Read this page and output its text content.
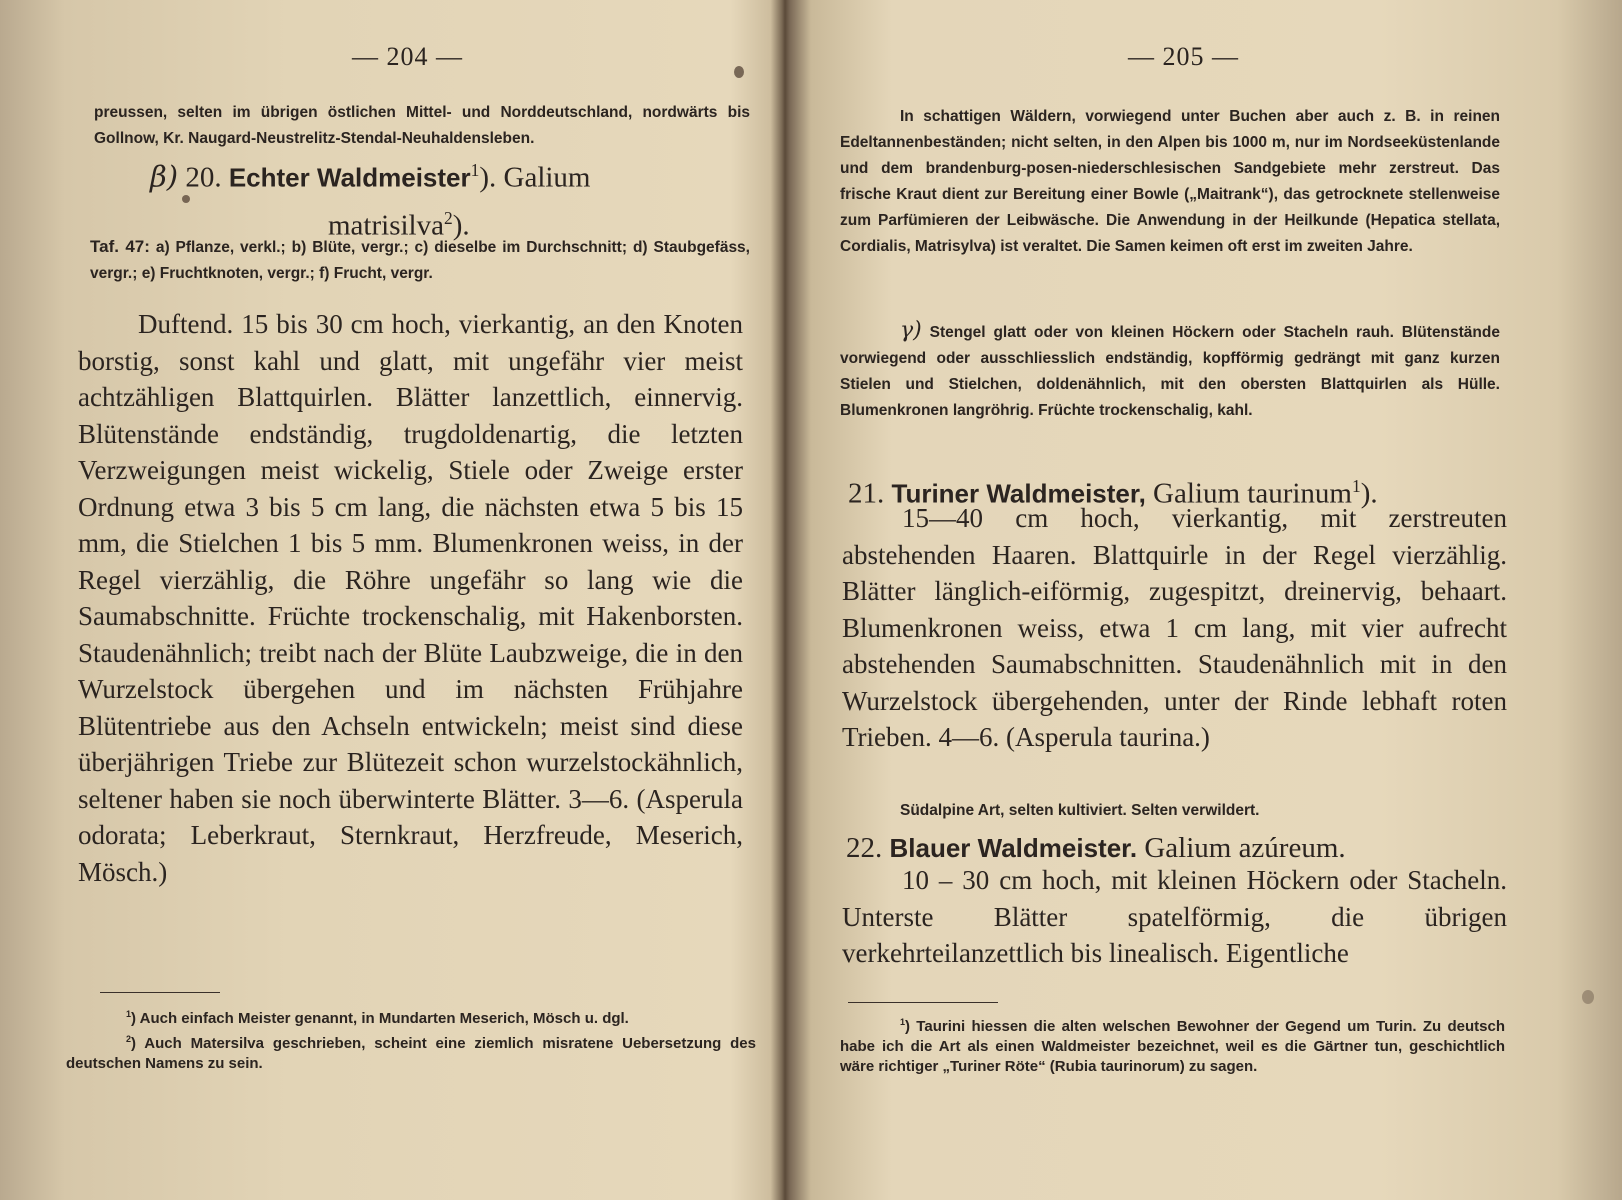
— 204 —
preussen, selten im übrigen östlichen Mittel- und Norddeutschland, nordwärts bis Gollnow, Kr. Naugard-Neustrelitz-Stendal-Neuhaldensleben.
β) 20. Echter Waldmeister$^1$). Galium
matrisilva$^2$).
Taf. 47: a) Pflanze, verkl.; b) Blüte, vergr.; c) dieselbe im Durchschnitt; d) Staubgefäss, vergr.; e) Fruchtknoten, vergr.; f) Frucht, vergr.

Duftend. 15 bis 30 cm hoch, vierkantig, an den Knoten borstig, sonst kahl und glatt, mit ungefähr vier meist achtzähligen Blattquirlen. Blätter lanzettlich, einnervig. Blütenstände endständig, trugdoldenartig, die letzten Verzweigungen meist wickelig, Stiele oder Zweige erster Ordnung etwa 3 bis 5 cm lang, die nächsten etwa 5 bis 15 mm, die Stielchen 1 bis 5 mm. Blumenkronen weiss, in der Regel vierzählig, die Röhre ungefähr so lang wie die Saumabschnitte. Früchte trockenschalig, mit Hakenborsten. Staudenähnlich; treibt nach der Blüte Laubzweige, die in den Wurzelstock übergehen und im nächsten Frühjahre Blütentriebe aus den Achseln entwickeln; meist sind diese überjährigen Triebe zur Blütezeit schon wurzelstockähnlich, seltener haben sie noch überwinterte Blätter. 3—6. (Asperula odorata; Leberkraut, Sternkraut, Herzfreude, Meserich, Mösch.)

$^1$) Auch einfach Meister genannt, in Mundarten Meserich, Mösch u. dgl.

$^2$) Auch Matersilva geschrieben, scheint eine ziemlich misratene Uebersetzung des deutschen Namens zu sein.

— 205 —

In schattigen Wäldern, vorwiegend unter Buchen aber auch z. B. in reinen Edeltannenbeständen; nicht selten, in den Alpen bis 1000 m, nur im Nordseeküstenlande und dem brandenburg-posen-niederschlesischen Sandgebiete mehr zerstreut. Das frische Kraut dient zur Bereitung einer Bowle („Maitrank“), das getrocknete stellenweise zum Parfümieren der Leibwäsche. Die Anwendung in der Heilkunde (Hepatica stellata, Cordialis, Matrisylva) ist veraltet. Die Samen keimen oft erst im zweiten Jahre.

γ) Stengel glatt oder von kleinen Höckern oder Stacheln rauh. Blütenstände vorwiegend oder ausschliesslich endständig, kopfförmig gedrängt mit ganz kurzen Stielen und Stielchen, doldenähnlich, mit den obersten Blattquirlen als Hülle. Blumenkronen langröhrig. Früchte trockenschalig, kahl.

21. Turiner Waldmeister, Galium taurinum$^1$).

15—40 cm hoch, vierkantig, mit zerstreuten abstehenden Haaren. Blattquirle in der Regel vierzählig. Blätter länglich-eiförmig, zugespitzt, dreinervig, behaart. Blumenkronen weiss, etwa 1 cm lang, mit vier aufrecht abstehenden Saumabschnitten. Staudenähnlich mit in den Wurzelstock übergehenden, unter der Rinde lebhaft roten Trieben. 4—6. (Asperula taurina.)

Südalpine Art, selten kultiviert. Selten verwildert.
22. Blauer Waldmeister. Galium azúreum.

10 – 30 cm hoch, mit kleinen Höckern oder Stacheln. Unterste Blätter spatelförmig, die übrigen verkehrteilanzettlich bis linealisch. Eigentliche

$^1$) Taurini hiessen die alten welschen Bewohner der Gegend um Turin. Zu deutsch habe ich die Art als einen Waldmeister bezeichnet, weil es die Gärtner tun, geschichtlich wäre richtiger „Turiner Röte“ (Rubia taurinorum) zu sagen.
